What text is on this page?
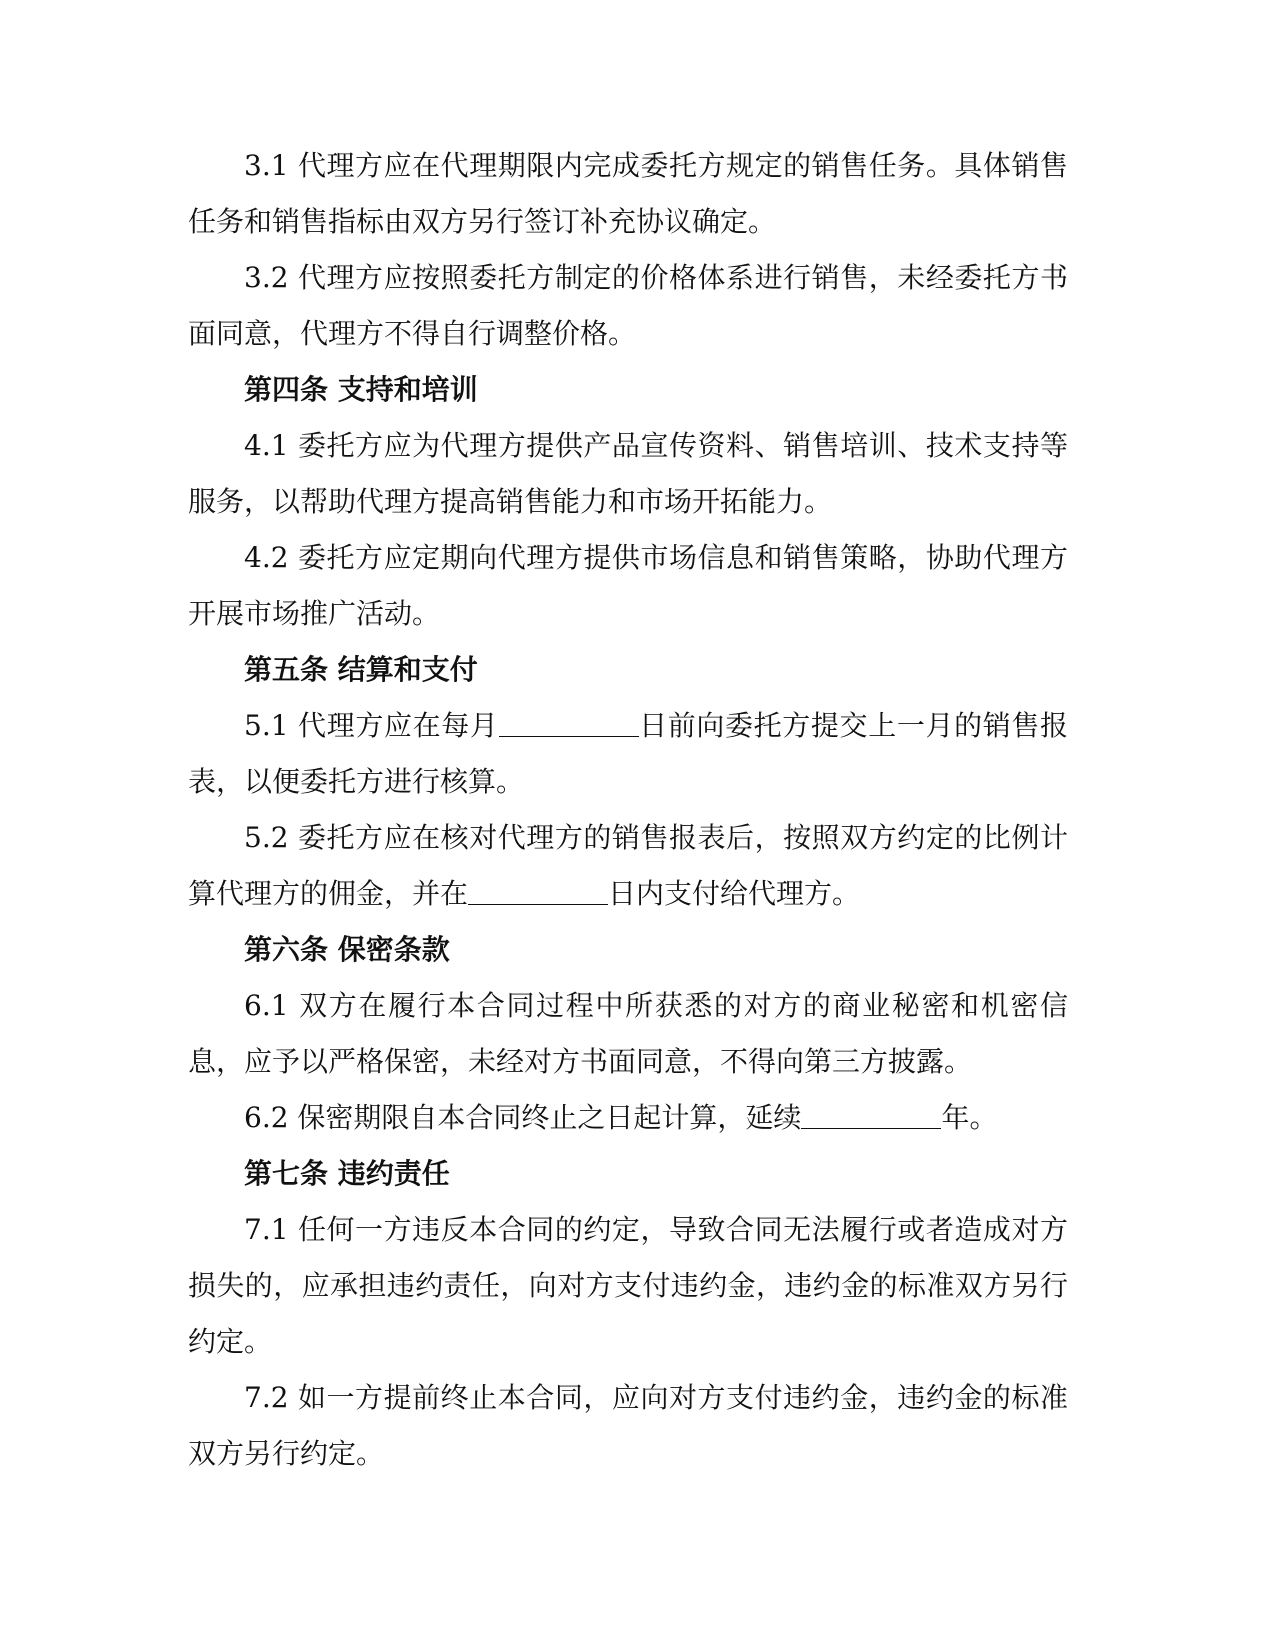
3.1 代理方应在代理期限内完成委托方规定的销售任务。具体销售任务和销售指标由双方另行签订补充协议确定。

3.2 代理方应按照委托方制定的价格体系进行销售，未经委托方书面同意，代理方不得自行调整价格。

第四条 支持和培训

4.1 委托方应为代理方提供产品宣传资料、销售培训、技术支持等服务，以帮助代理方提高销售能力和市场开拓能力。

4.2 委托方应定期向代理方提供市场信息和销售策略，协助代理方开展市场推广活动。

第五条 结算和支付

5.1 代理方应在每月	日前向委托方提交上一月的销售报表，以便委托方进行核算。

5.2 委托方应在核对代理方的销售报表后，按照双方约定的比例计算代理方的佣金，并在	日内支付给代理方。

第六条 保密条款

6.1 双方在履行本合同过程中所获悉的对方的商业秘密和机密信息，应予以严格保密，未经对方书面同意，不得向第三方披露。

6.2 保密期限自本合同终止之日起计算，延续	年。

第七条 违约责任

7.1 任何一方违反本合同的约定，导致合同无法履行或者造成对方损失的，应承担违约责任，向对方支付违约金，违约金的标准双方另行约定。

7.2 如一方提前终止本合同，应向对方支付违约金，违约金的标准双方另行约定。
